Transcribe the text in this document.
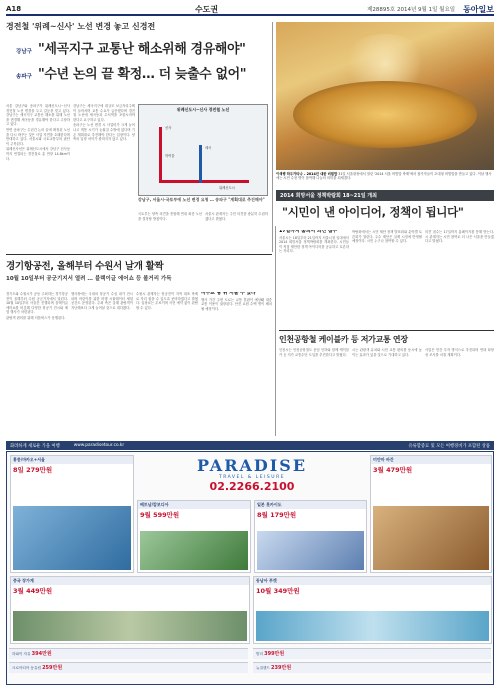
A18	수도권	제28895호 2014년 9월 1일 월요일 동아일보
경전철 '위례~신사' 노선 변경 놓고 신경전
강남구 "세곡지구 교통난 해소위해 경유해야"
송파구 "수년 논의 끝 확정… 더 늦출수 없어"

서울 강남구와 송파구가 위례신도시~신사 경전철 노선 변경을 두고 갈등을 빚고 있다. 강남구는 세곡지구 교통난 해소를 위해 노선을 변경해 세곡동을 경유해야 한다고 주장하고 있다.

반면 송파구는 수년간 논의 끝에 확정된 노선을 다시 바꾸는 것은 사업 지연을 초래한다며 반대하고 있다. 서울시와 국토교통부의 판단이 주목된다.

위례신사선은 위례신도시에서 강남구 신사동까지 연결되는 경전철로 총 연장 14.8km이다.

강남구는 세곡지구에 대규모 보금자리주택이 들어서며 교통 수요가 급증했다며 경전철 노선에 세곡동과 수서역을 포함시켜야 한다고 요구하고 있다.

송파구는 노선 변경 시 사업비가 크게 늘어나고 개통 시기가 늦춰질 수밖에 없다며 기존 계획대로 추진해야 한다는 입장이다. 양측의 입장 차이가 좁혀지지 않고 있다.

위례신도시~신사 경전철 노선
신사
학여울
세곡
위례신도시
강남구, 서울시·국토부에 노선 변경 요청 … 송파구 "계획대로 추진해야"

국토부는 양측 의견을 종합해 연내 최종 노선을 결정할 방침이다.

서울시 관계자는 주민 의견을 충분히 수렴하겠다고 밝혔다.

이색행 하우카타나 – 2014년 대한 비빔밥 31일 서울광장에서 열린 '2014 서울 비빔밥 축제'에서 참가자들이 초대형 비빔밥을 만들고 있다. 이날 행사에는 시민 수천 명이 참여해 나눔의 의미를 되새겼다.
2014 희망서울 정책박람회 18~21일 개최
"시민이 낸 아이디어, 정책이 됩니다"
경기항공전, 올해부터 수원서 날개 활짝
10월 10일부터 공군기지서 열려 … 블랙이글 에어쇼 등 볼거리 가득

경기도와 수원시가 공동 주최하는 경기항공전이 올해부터 수원 공군기지에서 열린다. 10월 10일부터 사흘간 진행되며 블랙이글 에어쇼를 비롯해 다양한 항공기 전시와 체험 행사가 마련된다.

관람객 편의를 위해 셔틀버스가 운행된다.

행사장에는 국내외 항공기 수십 대가 전시되며 어린이를 위한 비행 시뮬레이터 체험 공간도 운영된다. 주최 측은 올해 관람객이 지난해보다 크게 늘어날 것으로 내다봤다.

수원시 관계자는 항공전이 지역 대표 축제로 자리 잡을 수 있도록 준비하겠다고 밝혔다. 입장료는 무료이며 사전 예약 없이 관람할 수 있다.

미수교 땅 위 서울 수 있다

행사 기간 주변 도로는 교통 혼잡이 예상돼 대중교통 이용이 권장된다. 안전 요원 수백 명이 배치될 예정이다.

17일까지 홈피서 의견 접수

서울시는 18일부터 21일까지 서울시청 일대에서 2014 희망서울 정책박람회를 개최한다. 시민들이 직접 제안한 정책 아이디어를 공유하고 토론하는 자리다.

박람회에서는 시민 제안 정책 발표회와 분야별 토론회가 열린다. 우수 제안은 실제 시정에 반영될 예정이다. 시민 누구나 참여할 수 있다.

의견 접수는 17일까지 홈페이지를 통해 받는다. 시 관계자는 시민 참여로 더 나은 서울을 만들겠다고 밝혔다.

인천공항철 케이블카 등 저가교통 연장

인천시는 인천공항철도 운임 인하와 함께 케이블카 등 저가 교통수단 도입을 추진한다고 밝혔다.

시는 관광객 유치와 시민 교통 편의를 동시에 높이는 효과가 있을 것으로 기대하고 있다.

사업은 민간 투자 방식으로 추진되며 연내 타당성 조사를 마칠 계획이다.

화려하게 새로운 가을 여행	www.paradisetour.co.kr	유류할증료 및 모든 여행경비가 포함된 상품
PARADISE
TRAVEL & LEISURE
02.2266.2100
홍콩/마카오+서울
8일 279만원
미얀마 바간
3월 479만원
베트남/캄보디아
9월 599만원
일본 홋카이도
8월 179만원
중국 장가계
3월 449만원
동남아 푸켓
10월 349만원
하와이 자유 394만원	발리 399만원
크로아티아 동유럽 259만원	뉴질랜드 239만원
